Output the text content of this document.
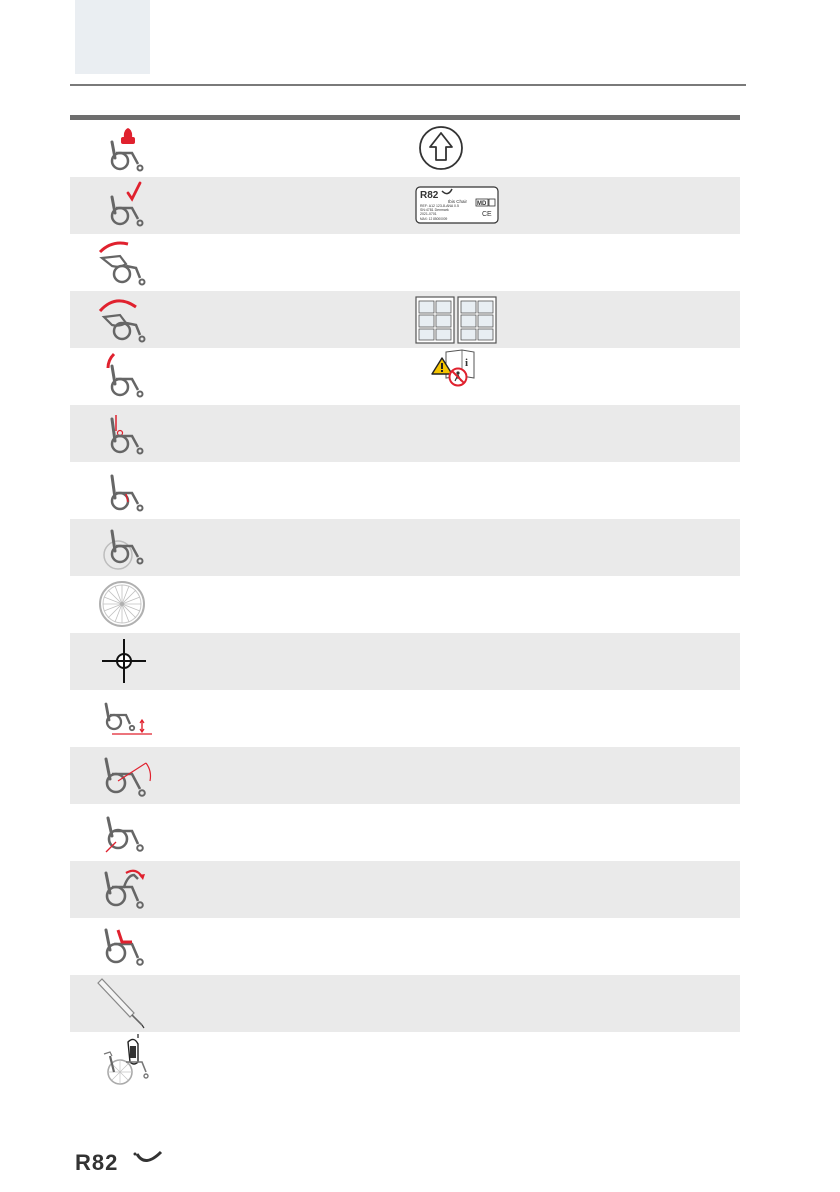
R82
Ibis Chair
REF: A12 123-8-ANA 0.5
SN:4781 Denmark
2021-0701
MAX: 12 85000009
MD
CE
i
R82
